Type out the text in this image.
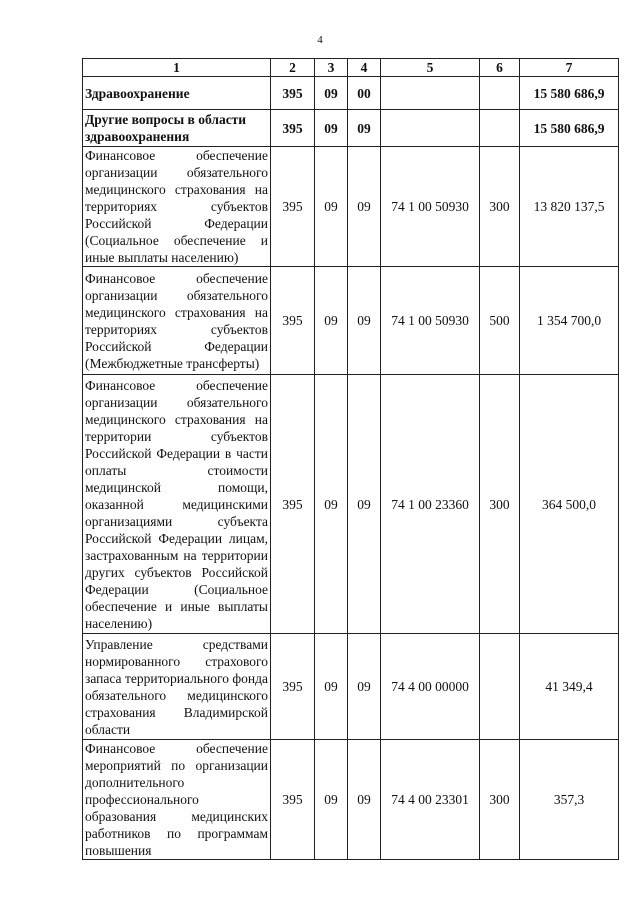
4
1	2	3	4	5	6	7
Здравоохранение	395	09	00			15 580 686,9
Другие вопросы в области здравоохранения	395	09	09			15 580 686,9
Финансовое обеспечение организации обязательного медицинского страхования на территориях субъектов Российской Федерации (Социальное обеспечение и иные выплаты населению)	395	09	09	74 1 00 50930	300	13 820 137,5
Финансовое обеспечение организации обязательного медицинского страхования на территориях субъектов Российской Федерации (Межбюджетные трансферты)	395	09	09	74 1 00 50930	500	1 354 700,0
Финансовое обеспечение организации обязательного медицинского страхования на территории субъектов Российской Федерации в части оплаты стоимости медицинской помощи, оказанной медицинскими организациями субъекта Российской Федерации лицам, застрахованным на территории других субъектов Российской Федерации (Социальное обеспечение и иные выплаты населению)	395	09	09	74 1 00 23360	300	364 500,0
Управление средствами нормированного страхового запаса территориального фонда обязательного медицинского страхования Владимирской области	395	09	09	74 4 00 00000		41 349,4
Финансовое обеспечение мероприятий по организации дополнительного профессионального образования медицинских работников по программам повышения	395	09	09	74 4 00 23301	300	357,3
